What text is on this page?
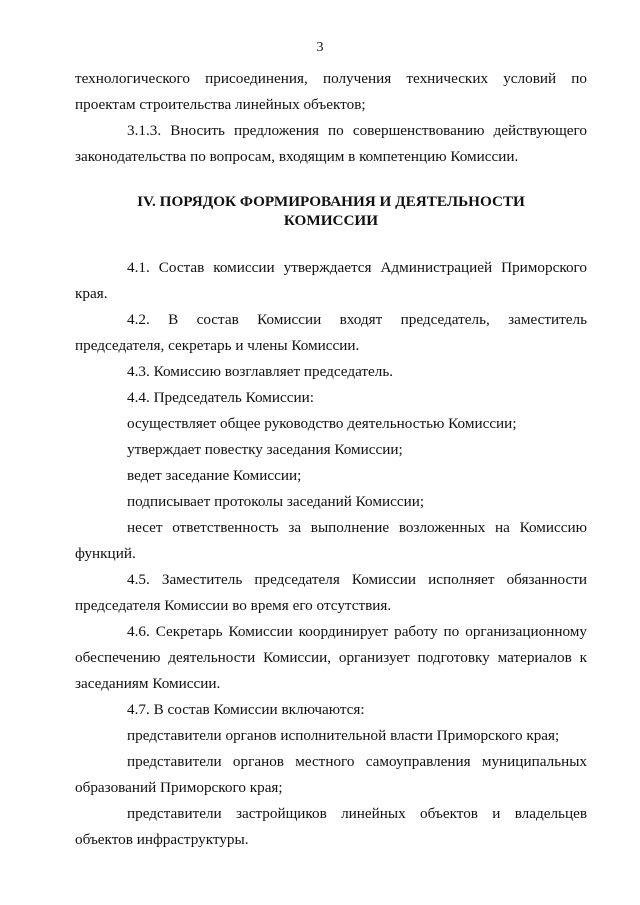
3

технологического присоединения, получения технических условий по проектам строительства линейных объектов;

3.1.3. Вносить предложения по совершенствованию действующего законодательства по вопросам, входящим в компетенцию Комиссии.

IV. ПОРЯДОК ФОРМИРОВАНИЯ И ДЕЯТЕЛЬНОСТИ
КОМИССИИ

4.1. Состав комиссии утверждается Администрацией Приморского края.

4.2. В состав Комиссии входят председатель, заместитель председателя, секретарь и члены Комиссии.

4.3. Комиссию возглавляет председатель.

4.4. Председатель Комиссии:

осуществляет общее руководство деятельностью Комиссии;

утверждает повестку заседания Комиссии;

ведет заседание Комиссии;

подписывает протоколы заседаний Комиссии;

несет ответственность за выполнение возложенных на Комиссию функций.

4.5. Заместитель председателя Комиссии исполняет обязанности председателя Комиссии во время его отсутствия.

4.6. Секретарь Комиссии координирует работу по организационному обеспечению деятельности Комиссии, организует подготовку материалов к заседаниям Комиссии.

4.7. В состав Комиссии включаются:

представители органов исполнительной власти Приморского края;

представители органов местного самоуправления муниципальных образований Приморского края;

представители застройщиков линейных объектов и владельцев объектов инфраструктуры.
